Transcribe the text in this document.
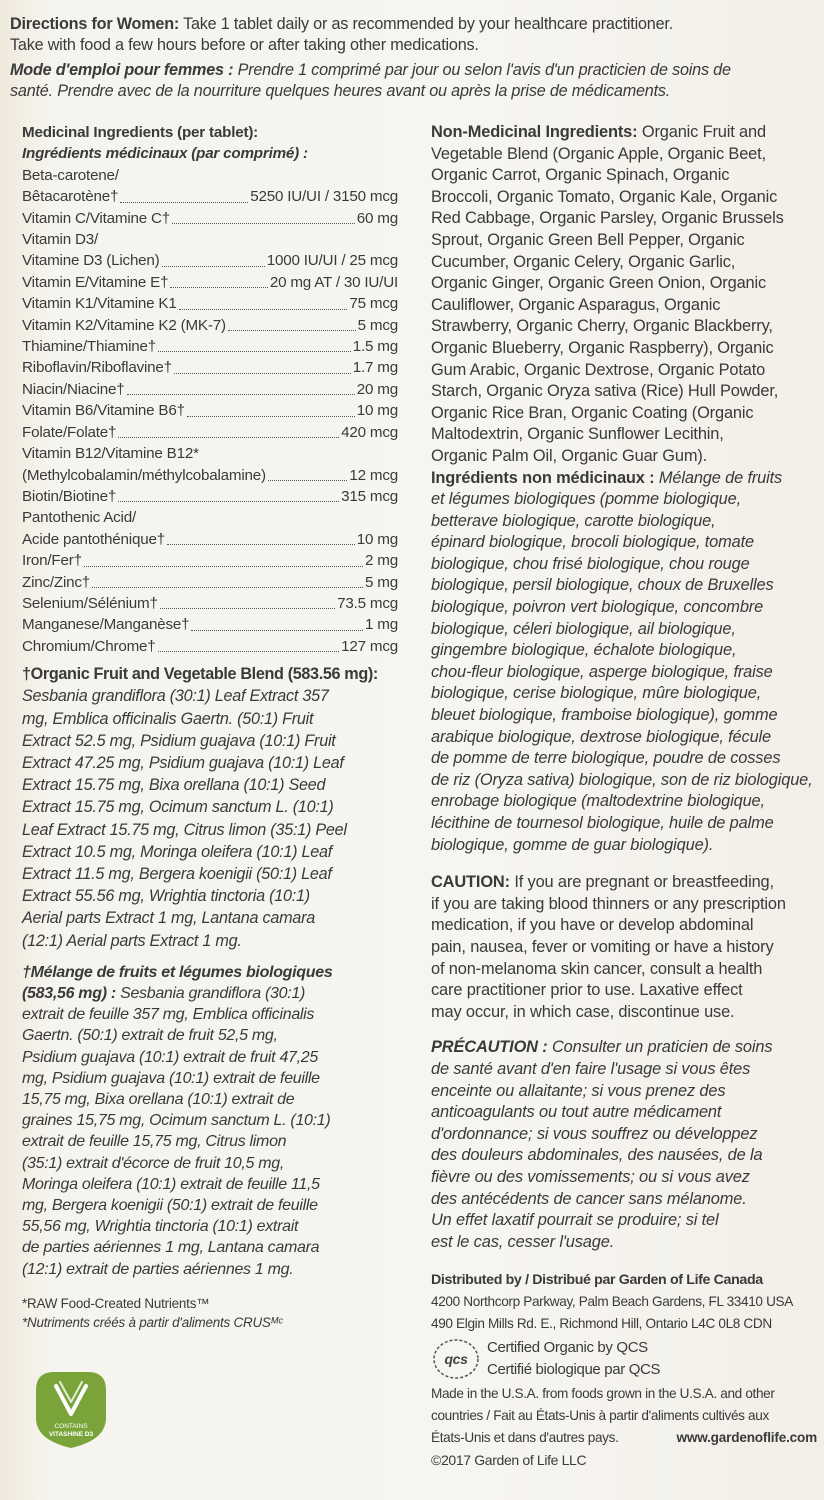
Directions for Women: Take 1 tablet daily or as recommended by your healthcare practitioner.

Take with food a few hours before or after taking other medications.

Mode d'emploi pour femmes : Prendre 1 comprimé par jour ou selon l'avis d'un practicien de soins de

santé. Prendre avec de la nourriture quelques heures avant ou après la prise de médicaments.

Medicinal Ingredients (per tablet):

Ingrédients médicinaux (par comprimé) :

Beta-carotene/

Bêtacarotène†	5250 IU/UI / 3150 mcg
Vitamin C/Vitamine C†	60 mg

Vitamin D3/

Vitamine D3 (Lichen)	1000 IU/UI / 25 mcg
Vitamin E/Vitamine E†	20 mg AT / 30 IU/UI
Vitamin K1/Vitamine K1	75 mcg
Vitamin K2/Vitamine K2 (MK-7)	5 mcg
Thiamine/Thiamine†	1.5 mg
Riboflavin/Riboflavine†	1.7 mg
Niacin/Niacine†	20 mg
Vitamin B6/Vitamine B6†	10 mg
Folate/Folate†	420 mcg

Vitamin B12/Vitamine B12*

(Methylcobalamin/méthylcobalamine)	12 mcg
Biotin/Biotine†	315 mcg

Pantothenic Acid/

Acide pantothénique†	10 mg
Iron/Fer†	2 mg
Zinc/Zinc†	5 mg
Selenium/Sélénium†	73.5 mcg
Manganese/Manganèse†	1 mg
Chromium/Chrome†	127 mcg

†Organic Fruit and Vegetable Blend (583.56 mg):

Sesbania grandiflora (30:1) Leaf Extract 357

mg, Emblica officinalis Gaertn. (50:1) Fruit

Extract 52.5 mg, Psidium guajava (10:1) Fruit

Extract 47.25 mg, Psidium guajava (10:1) Leaf

Extract 15.75 mg, Bixa orellana (10:1) Seed

Extract 15.75 mg, Ocimum sanctum L. (10:1)

Leaf Extract 15.75 mg, Citrus limon (35:1) Peel

Extract 10.5 mg, Moringa oleifera (10:1) Leaf

Extract 11.5 mg, Bergera koenigii (50:1) Leaf

Extract 55.56 mg, Wrightia tinctoria (10:1)

Aerial parts Extract 1 mg, Lantana camara

(12:1) Aerial parts Extract 1 mg.

†Mélange de fruits et légumes biologiques

(583,56 mg) : Sesbania grandiflora (30:1)

extrait de feuille 357 mg, Emblica officinalis

Gaertn. (50:1) extrait de fruit 52,5 mg,

Psidium guajava (10:1) extrait de fruit 47,25

mg, Psidium guajava (10:1) extrait de feuille

15,75 mg, Bixa orellana (10:1) extrait de

graines 15,75 mg, Ocimum sanctum L. (10:1)

extrait de feuille 15,75 mg, Citrus limon

(35:1) extrait d'écorce de fruit 10,5 mg,

Moringa oleifera (10:1) extrait de feuille 11,5

mg, Bergera koenigii (50:1) extrait de feuille

55,56 mg, Wrightia tinctoria (10:1) extrait

de parties aériennes 1 mg, Lantana camara

(12:1) extrait de parties aériennes 1 mg.

*RAW Food-Created Nutrients™

*Nutriments créés à partir d'aliments CRUSᴹᶜ

CONTAINS
VITASHINE D3

Non-Medicinal Ingredients: Organic Fruit and

Vegetable Blend (Organic Apple, Organic Beet,

Organic Carrot, Organic Spinach, Organic

Broccoli, Organic Tomato, Organic Kale, Organic

Red Cabbage, Organic Parsley, Organic Brussels

Sprout, Organic Green Bell Pepper, Organic

Cucumber, Organic Celery, Organic Garlic,

Organic Ginger, Organic Green Onion, Organic

Cauliflower, Organic Asparagus, Organic

Strawberry, Organic Cherry, Organic Blackberry,

Organic Blueberry, Organic Raspberry), Organic

Gum Arabic, Organic Dextrose, Organic Potato

Starch, Organic Oryza sativa (Rice) Hull Powder,

Organic Rice Bran, Organic Coating (Organic

Maltodextrin, Organic Sunflower Lecithin,

Organic Palm Oil, Organic Guar Gum).

Ingrédients non médicinaux : Mélange de fruits

et légumes biologiques (pomme biologique,

betterave biologique, carotte biologique,

épinard biologique, brocoli biologique, tomate

biologique, chou frisé biologique, chou rouge

biologique, persil biologique, choux de Bruxelles

biologique, poivron vert biologique, concombre

biologique, céleri biologique, ail biologique,

gingembre biologique, échalote biologique,

chou-fleur biologique, asperge biologique, fraise

biologique, cerise biologique, mûre biologique,

bleuet biologique, framboise biologique), gomme

arabique biologique, dextrose biologique, fécule

de pomme de terre biologique, poudre de cosses

de riz (Oryza sativa) biologique, son de riz biologique,

enrobage biologique (maltodextrine biologique,

lécithine de tournesol biologique, huile de palme

biologique, gomme de guar biologique).

CAUTION: If you are pregnant or breastfeeding,

if you are taking blood thinners or any prescription

medication, if you have or develop abdominal

pain, nausea, fever or vomiting or have a history

of non-melanoma skin cancer, consult a health

care practitioner prior to use. Laxative effect

may occur, in which case, discontinue use.

PRÉCAUTION : Consulter un praticien de soins

de santé avant d'en faire l'usage si vous êtes

enceinte ou allaitante; si vous prenez des

anticoagulants ou tout autre médicament

d'ordonnance; si vous souffrez ou développez

des douleurs abdominales, des nausées, de la

fièvre ou des vomissements; ou si vous avez

des antécédents de cancer sans mélanome.

Un effet laxatif pourrait se produire; si tel

est le cas, cesser l'usage.

Distributed by / Distribué par Garden of Life Canada

4200 Northcorp Parkway, Palm Beach Gardens, FL 33410 USA

490 Elgin Mills Rd. E., Richmond Hill, Ontario L4C 0L8 CDN

qcs

Certified Organic by QCS

Certifié biologique par QCS

Made in the U.S.A. from foods grown in the U.S.A. and other

countries / Fait au États-Unis à partir d'aliments cultivés aux

États-Unis et dans d'autres pays.	www.gardenoflife.com

©2017 Garden of Life LLC
